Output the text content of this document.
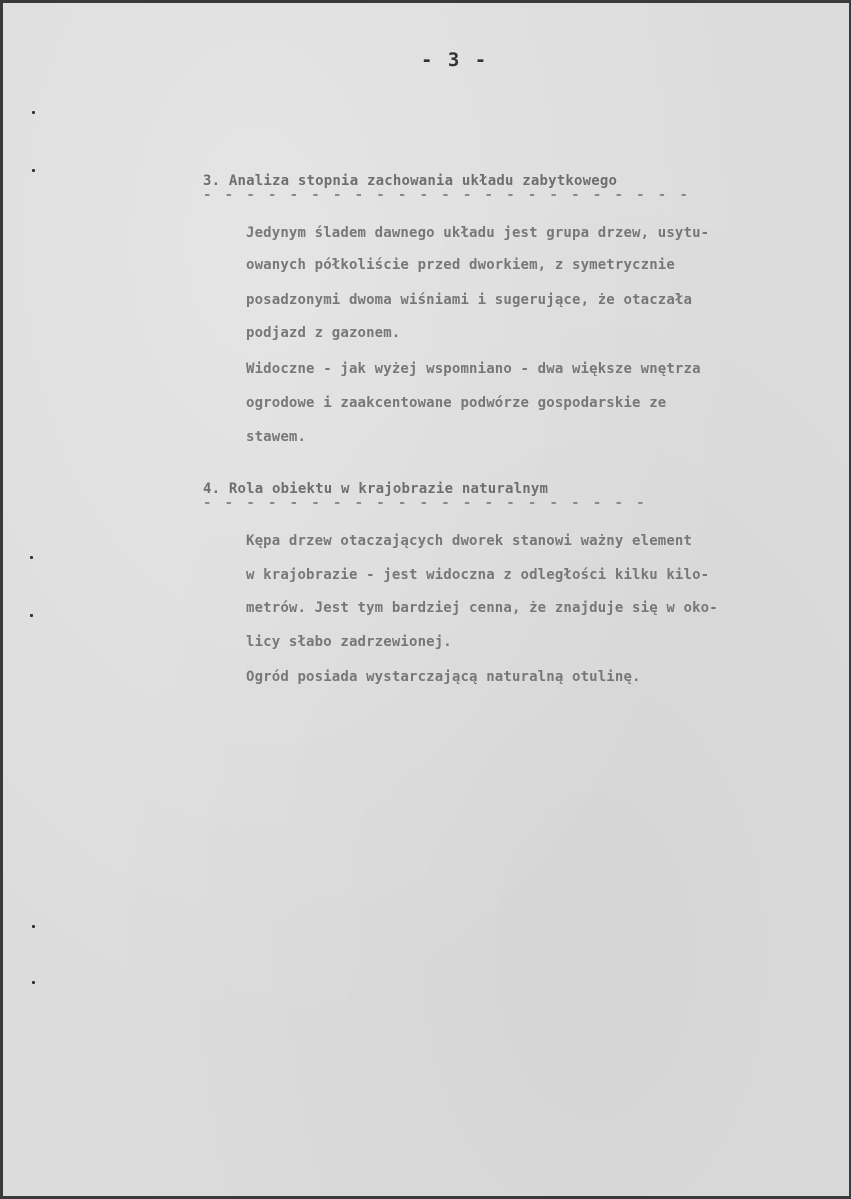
- 3 -
3. Analiza stopnia zachowania układu zabytkowego
- - - - - - - - - - - - - - - - - - - - - - -
Jedynym śladem dawnego układu jest grupa drzew, usytu-
owanych półkoliście przed dworkiem, z symetrycznie
posadzonymi dwoma wiśniami i sugerujące, że otaczała
podjazd z gazonem.
Widoczne - jak wyżej wspomniano - dwa większe wnętrza
ogrodowe i zaakcentowane podwórze gospodarskie ze
stawem.
4. Rola obiektu w krajobrazie naturalnym
- - - - - - - - - - - - - - - - - - - - -
Kępa drzew otaczających dworek stanowi ważny element
w krajobrazie - jest widoczna z odległości kilku kilo-
metrów. Jest tym bardziej cenna, że znajduje się w oko-
licy słabo zadrzewionej.
Ogród posiada wystarczającą naturalną otulinę.
